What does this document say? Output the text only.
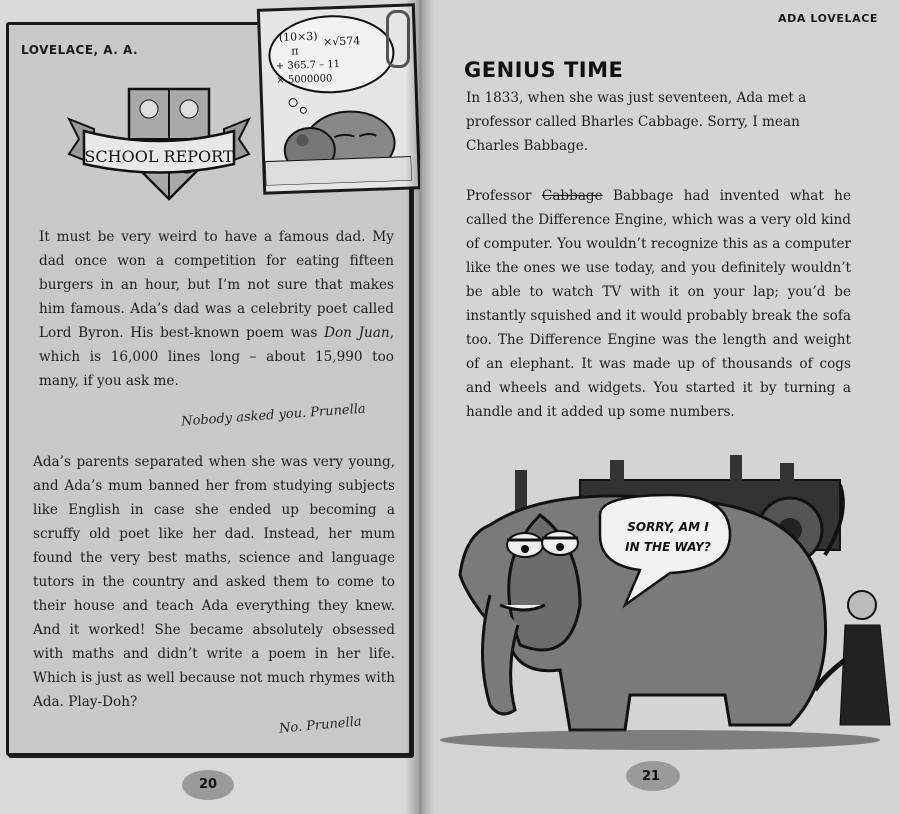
LOVELACE, A. A.
SCHOOL REPORT
It must be very weird to have a famous dad. My dad once won a competition for eating fifteen burgers in an hour, but I’m not sure that makes him famous. Ada’s dad was a celebrity poet called Lord Byron. His best-known poem was Don Juan, which is 16,000 lines long – about 15,990 too many, if you ask me.
Nobody asked you. Prunella
Ada’s parents separated when she was very young, and Ada’s mum banned her from studying subjects like English in case she ended up becoming a scruffy old poet like her dad. Instead, her mum found the very best maths, science and language tutors in the country and asked them to come to their house and teach Ada everything they knew. And it worked! She became absolutely obsessed with maths and didn’t write a poem in her life. Which is just as well because not much rhymes with Ada. Play-Doh?
No. Prunella
(10×3)
π
×√574
+ 365.7 – 11
× 5000000
20
ADA LOVELACE
GENIUS TIME
In 1833, when she was just seventeen, Ada met a professor called Bharles Cabbage. Sorry, I mean Charles Babbage.
Professor Cabbage Babbage had invented what he called the Difference Engine, which was a very old kind of computer. You wouldn’t recognize this as a computer like the ones we use today, and you definitely wouldn’t be able to watch TV with it on your lap; you’d be instantly squished and it would probably break the sofa too. The Difference Engine was the length and weight of an elephant. It was made up of thousands of cogs and wheels and widgets. You started it by turning a handle and it added up some numbers.
21
SORRY, AM I
IN THE WAY?
